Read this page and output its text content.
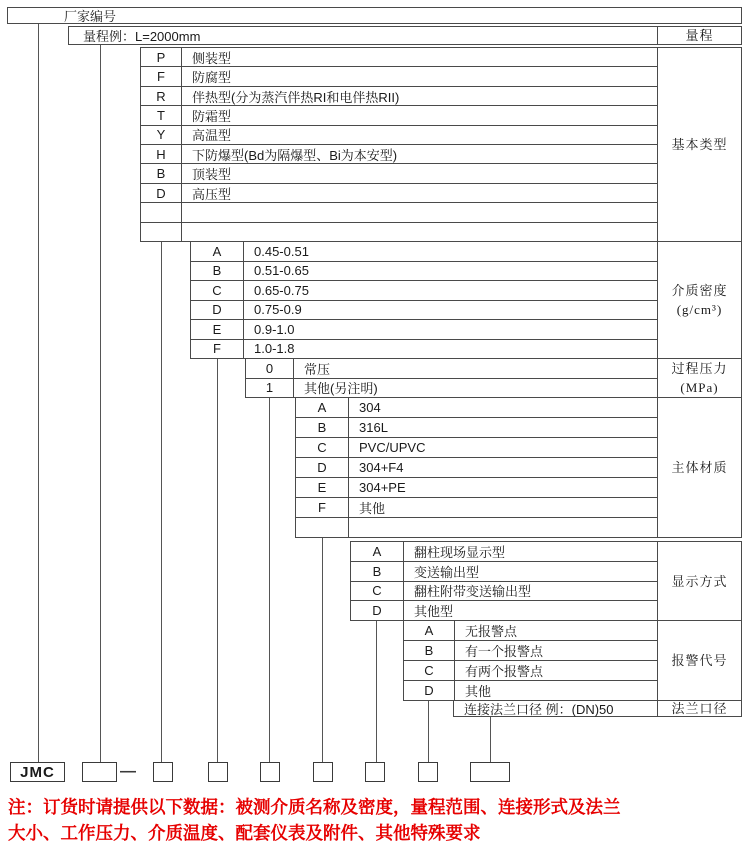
厂家编号
量程例：L=2000mm	量程
P	侧装型
F	防腐型
R	伴热型(分为蒸汽伴热RI和电伴热RII)
T	防霜型
Y	高温型
H	下防爆型(Bd为隔爆型、Bi为本安型)
B	顶装型
D	高压型
基本类型
A	0.45-0.51
B	0.51-0.65
C	0.65-0.75
D	0.75-0.9
E	0.9-1.0
F	1.0-1.8
介质密度
(g/cm³)
0	常压
1	其他(另注明)
过程压力
(MPa)
A	304
B	316L
C	PVC/UPVC
D	304+F4
E	304+PE
F	其他
主体材质
A	翻柱现场显示型
B	变送输出型
C	翻柱附带变送输出型
D	其他型
显示方式
A	无报警点
B	有一个报警点
C	有两个报警点
D	其他
报警代号
连接法兰口径 例：(DN)50	法兰口径
JMC	—
注：订货时请提供以下数据：被测介质名称及密度，量程范围、连接形式及法兰
大小、工作压力、介质温度、配套仪表及附件、其他特殊要求
